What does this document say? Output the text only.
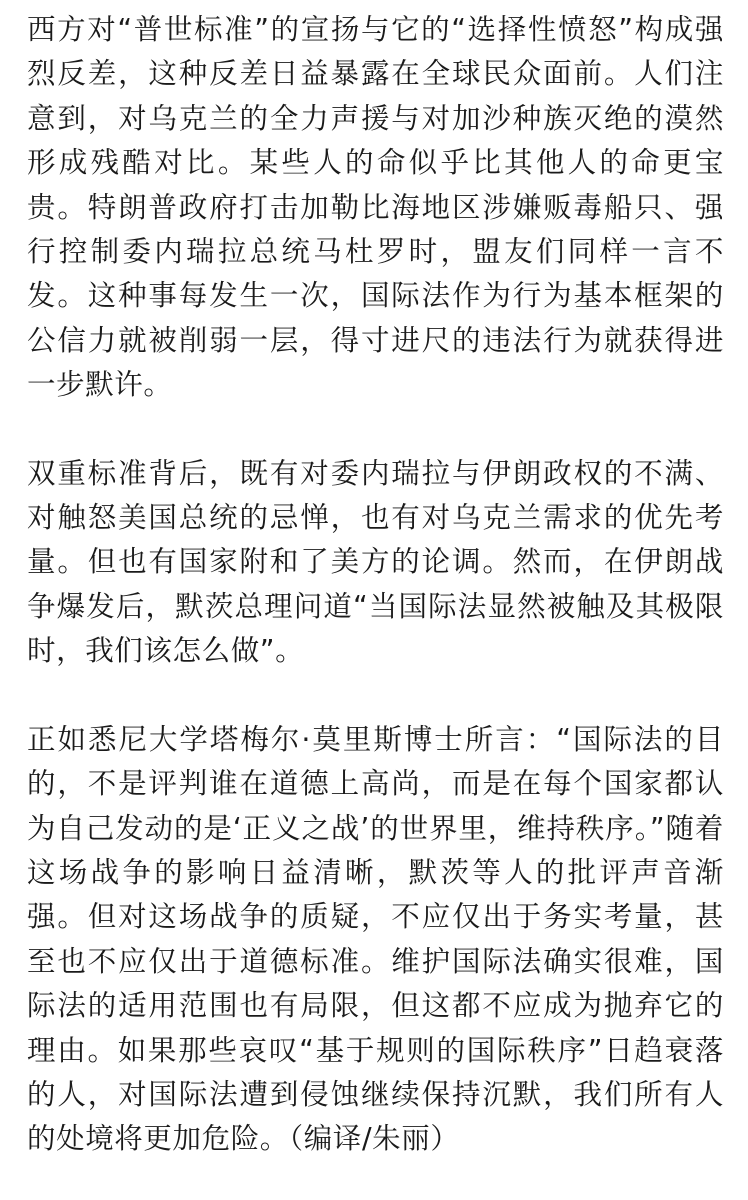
西方对“普世标准”的宣扬与它的“选择性愤怒”构成强烈反差，这种反差日益暴露在全球民众面前。人们注意到，对乌克兰的全力声援与对加沙种族灭绝的漠然形成残酷对比。某些人的命似乎比其他人的命更宝贵。特朗普政府打击加勒比海地区涉嫌贩毒船只、强行控制委内瑞拉总统马杜罗时，盟友们同样一言不发。这种事每发生一次，国际法作为行为基本框架的公信力就被削弱一层，得寸进尺的违法行为就获得进一步默许。

双重标准背后，既有对委内瑞拉与伊朗政权的不满、对触怒美国总统的忌惮，也有对乌克兰需求的优先考量。但也有国家附和了美方的论调。然而，在伊朗战争爆发后，默茨总理问道“当国际法显然被触及其极限时，我们该怎么做”。

正如悉尼大学塔梅尔·莫里斯博士所言：“国际法的目的，不是评判谁在道德上高尚，而是在每个国家都认为自己发动的是‘正义之战’的世界里，维持秩序。”随着这场战争的影响日益清晰，默茨等人的批评声音渐强。但对这场战争的质疑，不应仅出于务实考量，甚至也不应仅出于道德标准。维护国际法确实很难，国际法的适用范围也有局限，但这都不应成为抛弃它的理由。如果那些哀叹“基于规则的国际秩序”日趋衰落的人，对国际法遭到侵蚀继续保持沉默，我们所有人的处境将更加危险。（编译/朱丽）
